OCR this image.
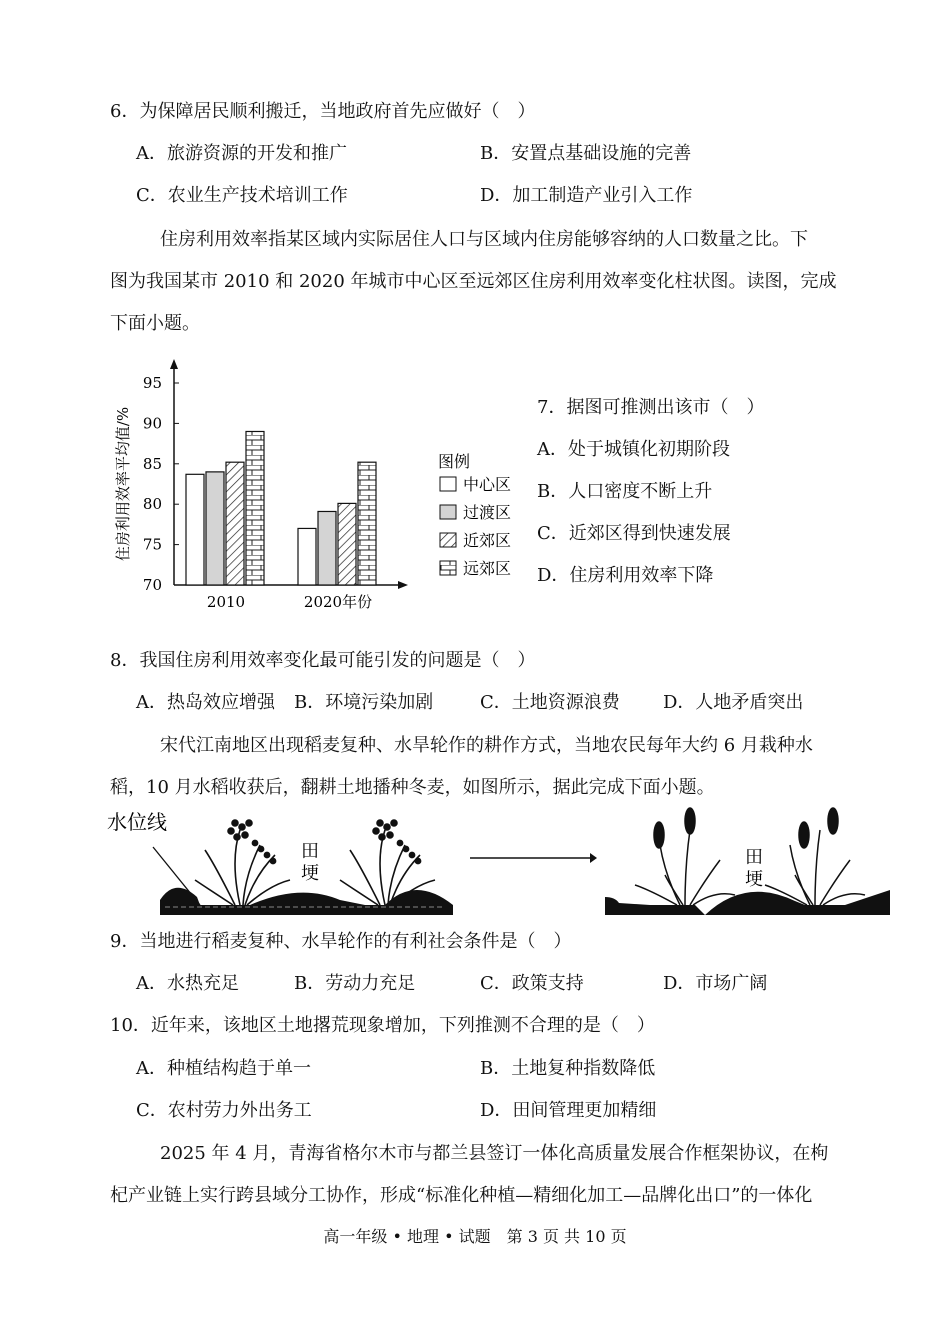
6．为保障居民顺利搬迁，当地政府首先应做好（　）
A．旅游资源的开发和推广	B．安置点基础设施的完善
C．农业生产技术培训工作	D．加工制造产业引入工作
住房利用效率指某区域内实际居住人口与区域内住房能够容纳的人口数量之比。下
图为我国某市 2010 和 2020 年城市中心区至远郊区住房利用效率变化柱状图。读图，完成
下面小题。
95
90
85
80
75
70
住房利用效率平均值/%
2010	2020年份
图例
中心区
过渡区
近郊区
远郊区
7．据图可推测出该市（　）
A．处于城镇化初期阶段
B．人口密度不断上升
C．近郊区得到快速发展
D．住房利用效率下降
8．我国住房利用效率变化最可能引发的问题是（　）
A．热岛效应增强 B．环境污染加剧	C．土地资源浪费 D．人地矛盾突出
宋代江南地区出现稻麦复种、水旱轮作的耕作方式，当地农民每年大约 6 月栽种水
稻，10 月水稻收获后，翻耕土地播种冬麦，如图所示，据此完成下面小题。
水位线
田
埂
田
埂
9．当地进行稻麦复种、水旱轮作的有利社会条件是（　）
A．水热充足	B．劳动力充足	C．政策支持	D．市场广阔
10．近年来，该地区土地撂荒现象增加，下列推测不合理的是（　）
A．种植结构趋于单一	B．土地复种指数降低
C．农村劳力外出务工	D．田间管理更加精细
2025 年 4 月，青海省格尔木市与都兰县签订一体化高质量发展合作框架协议，在枸
杞产业链上实行跨县域分工协作，形成“标准化种植—精细化加工—品牌化出口”的一体化
高一年级 • 地理 • 试题　第 3 页 共 10 页
